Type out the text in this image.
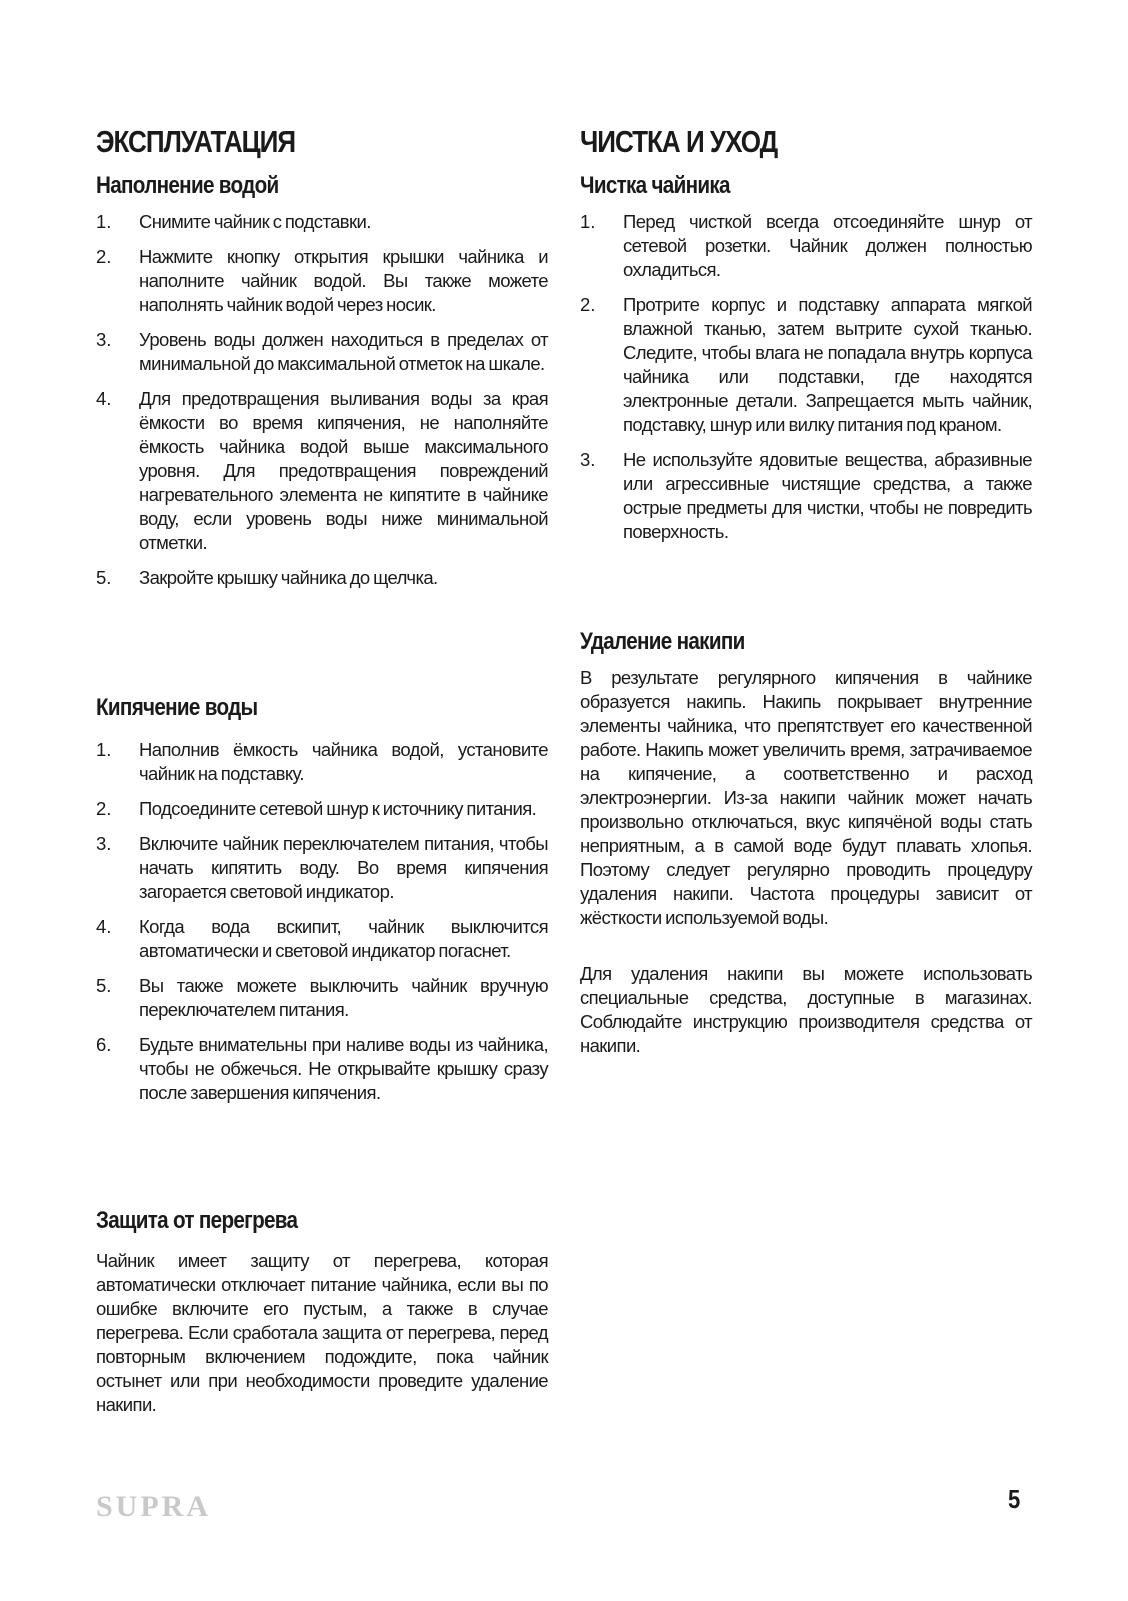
ЭКСПЛУАТАЦИЯ
Наполнение водой
1. Снимите чайник с подставки.
2. Нажмите кнопку открытия крышки чайника и наполните чайник водой. Вы также можете наполнять чайник водой через носик.
3. Уровень воды должен находиться в пределах от минимальной до максимальной отметок на шкале.
4. Для предотвращения выливания воды за края ёмкости во время кипячения, не наполняйте ёмкость чайника водой выше максимального уровня. Для предотвращения повреждений нагревательного элемента не кипятите в чайнике воду, если уровень воды ниже минимальной отметки.
5. Закройте крышку чайника до щелчка.
Кипячение воды
1. Наполнив ёмкость чайника водой, установите чайник на подставку.
2. Подсоедините сетевой шнур к источнику питания.
3. Включите чайник переключателем питания, чтобы начать кипятить воду. Во время кипячения загорается световой индикатор.
4. Когда вода вскипит, чайник выключится автоматически и световой индикатор погаснет.
5. Вы также можете выключить чайник вручную переключателем питания.
6. Будьте внимательны при наливе воды из чайника, чтобы не обжечься. Не открывайте крышку сразу после завершения кипячения.
Защита от перегрева

Чайник имеет защиту от перегрева, которая автоматически отключает питание чайника, если вы по ошибке включите его пустым, а также в случае перегрева. Если сработала защита от перегрева, перед повторным включением подождите, пока чайник остынет или при необходимости проведите удаление накипи.

ЧИСТКА И УХОД
Чистка чайника
1. Перед чисткой всегда отсоединяйте шнур от сетевой розетки. Чайник должен полностью охладиться.
2. Протрите корпус и подставку аппарата мягкой влажной тканью, затем вытрите сухой тканью. Следите, чтобы влага не попадала внутрь корпуса чайника или подставки, где находятся электронные детали. Запрещается мыть чайник, подставку, шнур или вилку питания под краном.
3. Не используйте ядовитые вещества, абразивные или агрессивные чистящие средства, а также острые предметы для чистки, чтобы не повредить поверхность.
Удаление накипи

В результате регулярного кипячения в чайнике образуется накипь. Накипь покрывает внутренние элементы чайника, что препятствует его качественной работе. Накипь может увеличить время, затрачиваемое на кипячение, а соответственно и расход электроэнергии. Из-за накипи чайник может начать произвольно отключаться, вкус кипячёной воды стать неприятным, а в самой воде будут плавать хлопья. Поэтому следует регулярно проводить процедуру удаления накипи. Частота процедуры зависит от жёсткости используемой воды.

Для удаления накипи вы можете использовать специальные средства, доступные в магазинах. Соблюдайте инструкцию производителя средства от накипи.

SUPRA	5
